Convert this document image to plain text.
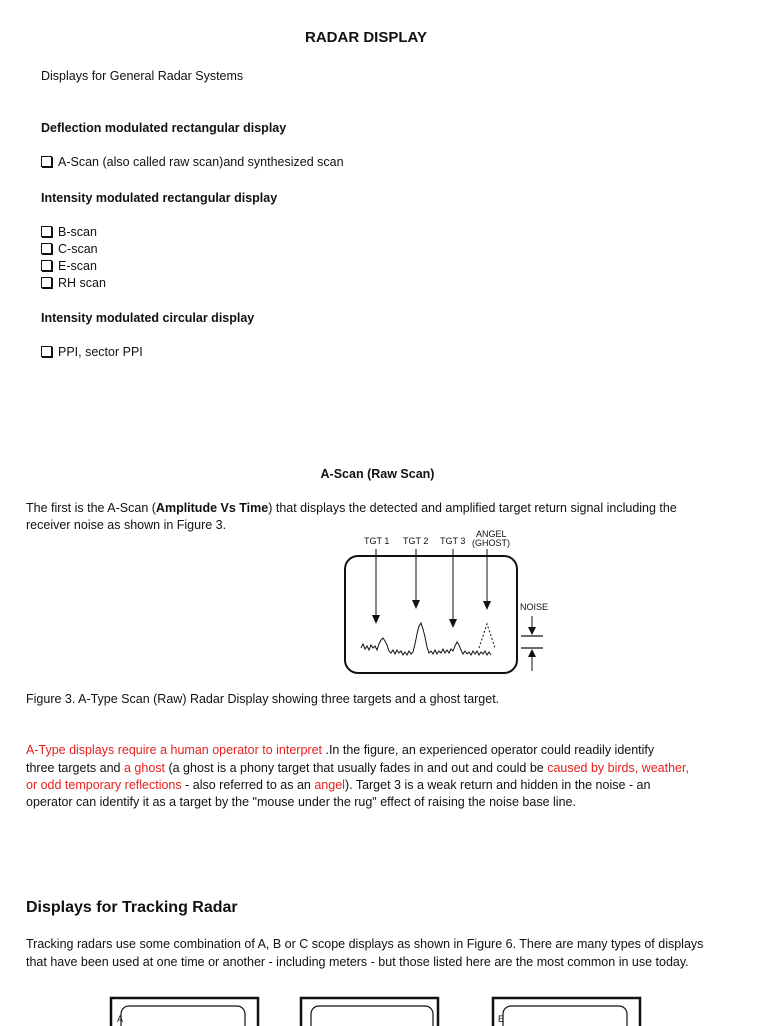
RADAR DISPLAY
Displays for General Radar Systems
Deflection modulated rectangular display
A-Scan (also called raw scan)and synthesized scan
Intensity modulated rectangular display
B-scan
C-scan
E-scan
RH scan
Intensity modulated circular display
PPI, sector PPI
A-Scan (Raw Scan)
The first is the A-Scan (Amplitude Vs Time) that displays the detected and amplified target return signal including the
receiver noise as shown in Figure 3.
TGT 1 TGT 2 TGT 3
ANGEL
(GHOST)
NOISE
Figure 3. A-Type Scan (Raw) Radar Display showing three targets and a ghost target.
A-Type displays require a human operator to interpret .In the figure, an experienced operator could readily identify
three targets and a ghost (a ghost is a phony target that usually fades in and out and could be caused by birds, weather,
or odd temporary reflections - also referred to as an angel). Target 3 is a weak return and hidden in the noise - an
operator can identify it as a target by the "mouse under the rug" effect of raising the noise base line.
Displays for Tracking Radar
Tracking radars use some combination of A, B or C scope displays as shown in Figure 6. There are many types of displays
that have been used at one time or another - including meters - but those listed here are the most common in use today.
A	E
